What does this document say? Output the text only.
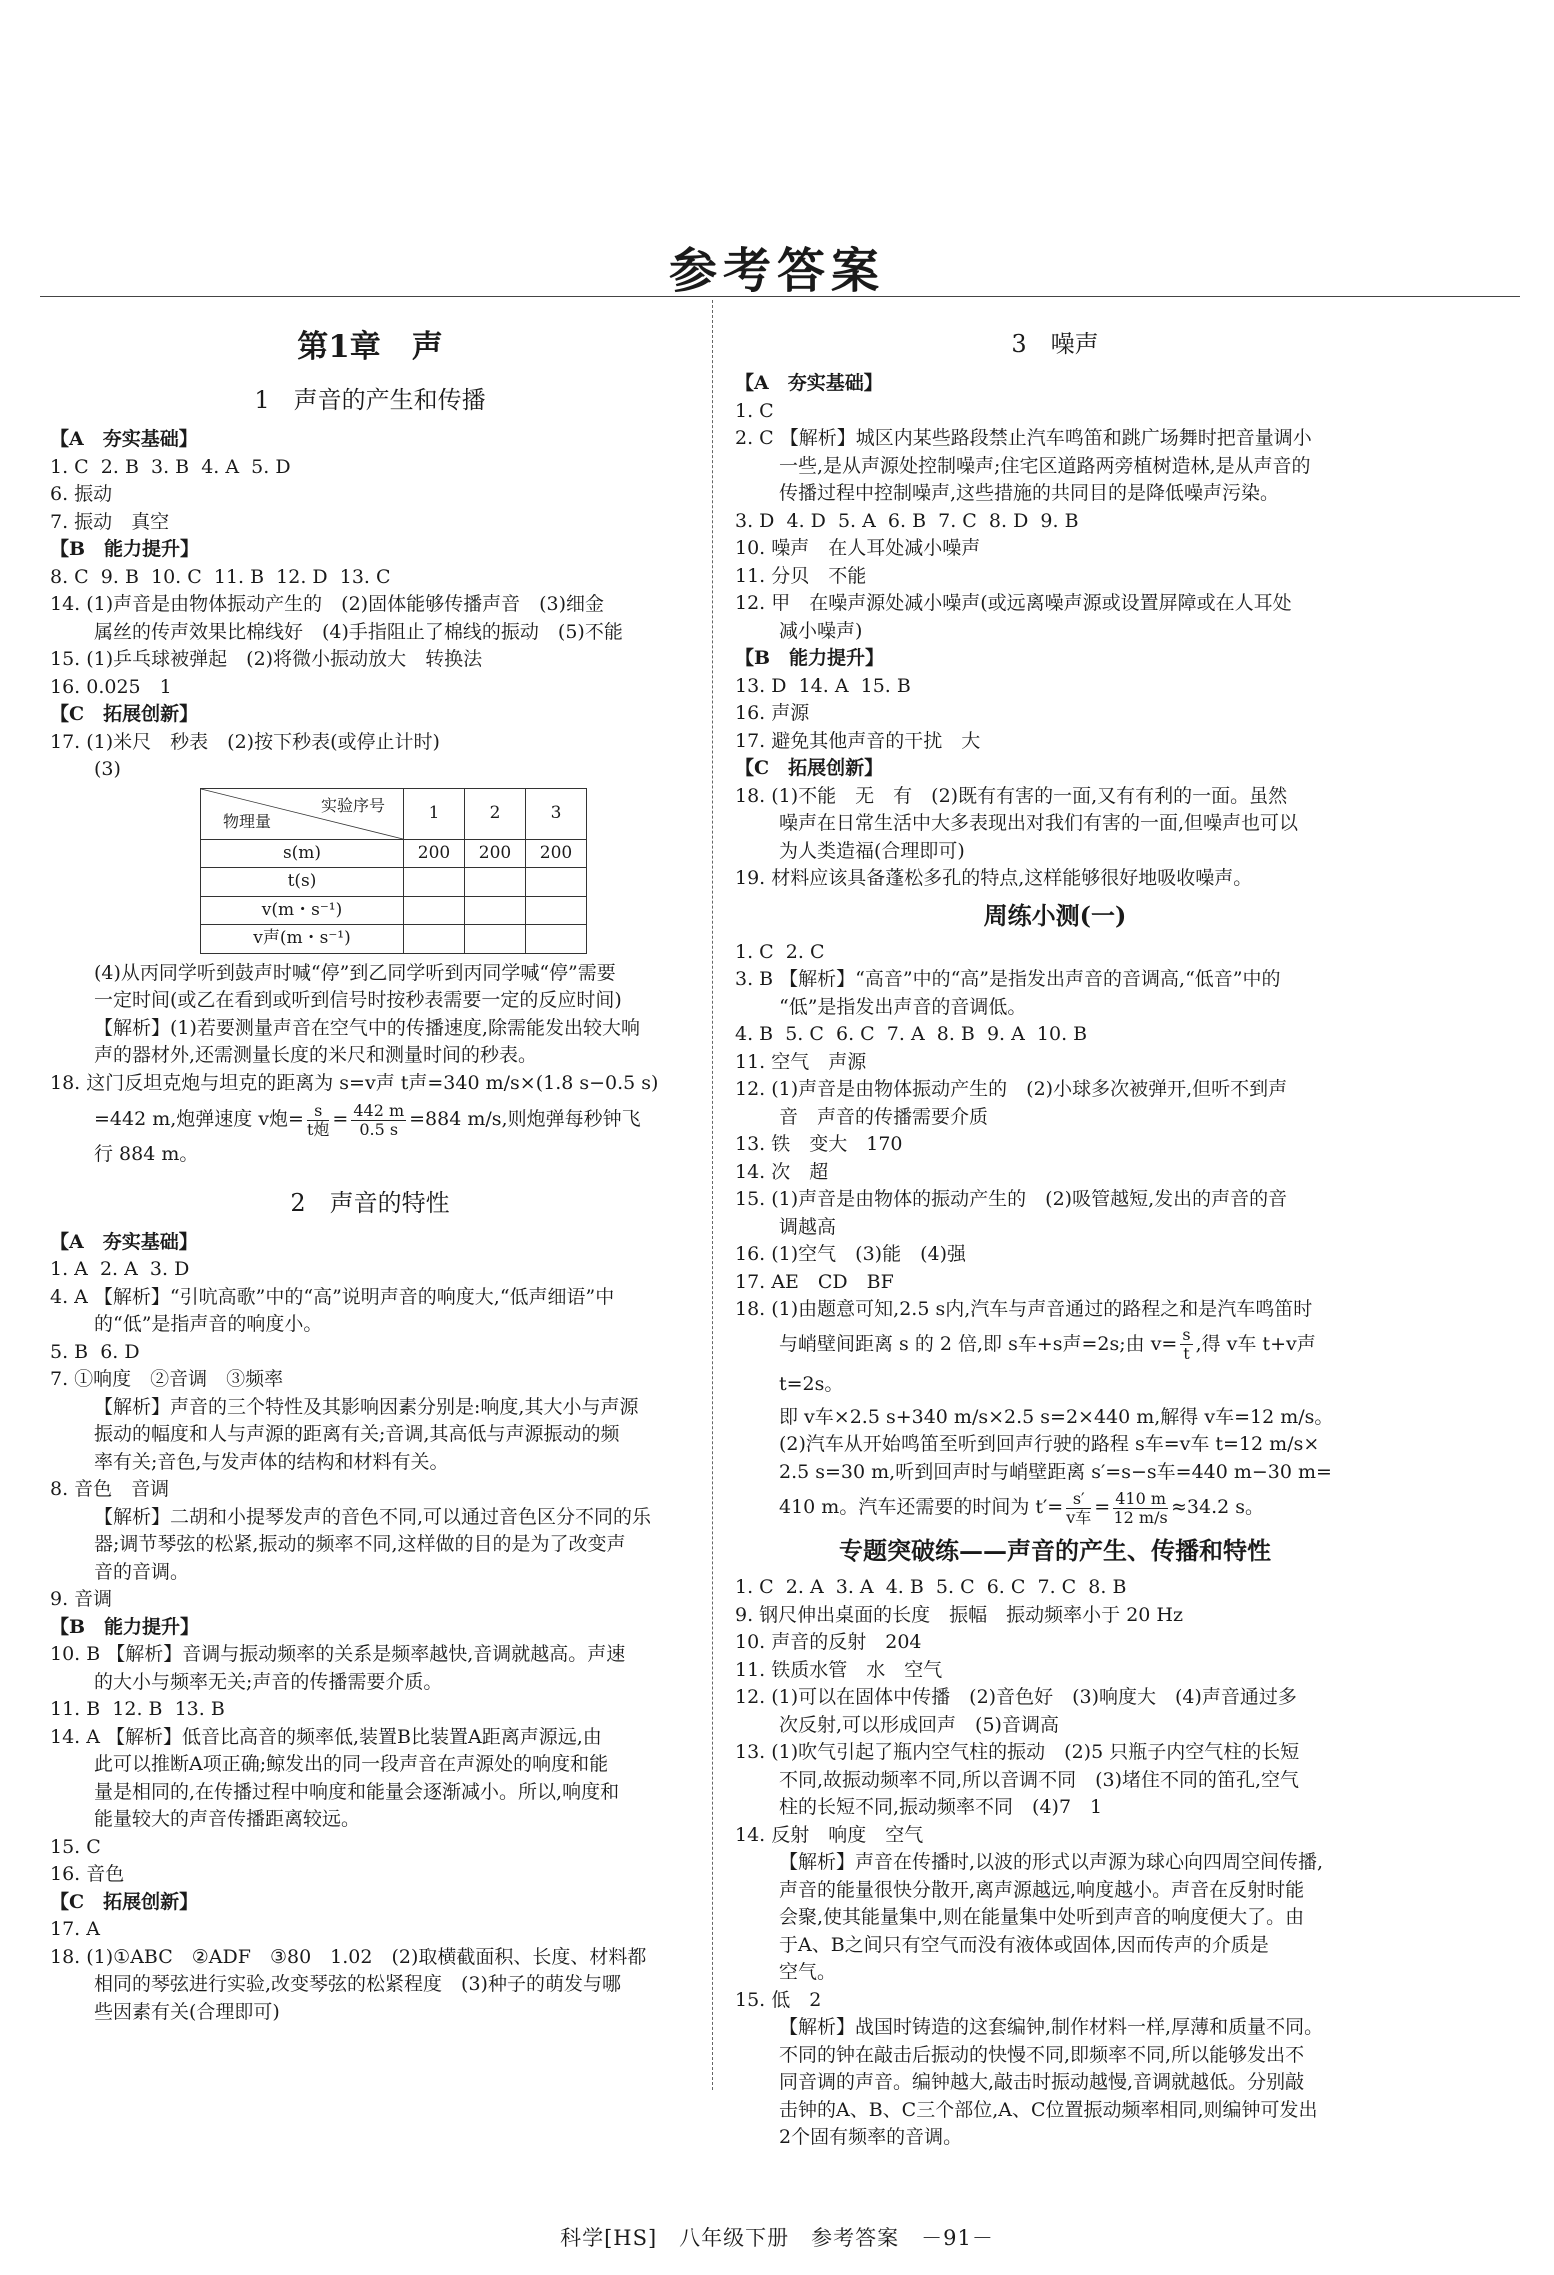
参考答案
第1章　声
1　声音的产生和传播
【A　夯实基础】
1. C  2. B  3. B  4. A  5. D
6. 振动
7. 振动　真空
【B　能力提升】
8. C  9. B  10. C  11. B  12. D  13. C
14. (1)声音是由物体振动产生的　(2)固体能够传播声音　(3)细金
属丝的传声效果比棉线好　(4)手指阻止了棉线的振动　(5)不能
15. (1)乒乓球被弹起　(2)将微小振动放大　转换法
16. 0.025　1
【C　拓展创新】
17. (1)米尺　秒表　(2)按下秒表(或停止计时)
(3)
实验序号
物理量	1	2	3
s(m)	200	200	200
t(s)			
v(m・s⁻¹)			
v声(m・s⁻¹)			
(4)从丙同学听到鼓声时喊“停”到乙同学听到丙同学喊“停”需要
一定时间(或乙在看到或听到信号时按秒表需要一定的反应时间)
【解析】(1)若要测量声音在空气中的传播速度,除需能发出较大响
声的器材外,还需测量长度的米尺和测量时间的秒表。
18. 这门反坦克炮与坦克的距离为 s=v声 t声=340 m/s×(1.8 s−0.5 s)
=442 m,炮弹速度 v炮= $\frac{s}{\text{t炮}} = \frac{442 m}{0.5 s} =884$ m/s,则炮弹每秒钟飞
行 884 m。
2　声音的特性
【A　夯实基础】
1. A  2. A  3. D
4. A 【解析】“引吭高歌”中的“高”说明声音的响度大,“低声细语”中
的“低”是指声音的响度小。
5. B  6. D
7. ①响度　②音调　③频率
【解析】声音的三个特性及其影响因素分别是:响度,其大小与声源
振动的幅度和人与声源的距离有关;音调,其高低与声源振动的频
率有关;音色,与发声体的结构和材料有关。
8. 音色　音调
【解析】二胡和小提琴发声的音色不同,可以通过音色区分不同的乐
器;调节琴弦的松紧,振动的频率不同,这样做的目的是为了改变声
音的音调。
9. 音调
【B　能力提升】
10. B 【解析】音调与振动频率的关系是频率越快,音调就越高。声速
的大小与频率无关;声音的传播需要介质。
11. B  12. B  13. B
14. A 【解析】低音比高音的频率低,装置B比装置A距离声源远,由
此可以推断A项正确;鲸发出的同一段声音在声源处的响度和能
量是相同的,在传播过程中响度和能量会逐渐减小。所以,响度和
能量较大的声音传播距离较远。
15. C
16. 音色
【C　拓展创新】
17. A
18. (1)①ABC　②ADF　③80　1.02　(2)取横截面积、长度、材料都
相同的琴弦进行实验,改变琴弦的松紧程度　(3)种子的萌发与哪
些因素有关(合理即可)
3　噪声
【A　夯实基础】
1. C
2. C 【解析】城区内某些路段禁止汽车鸣笛和跳广场舞时把音量调小
一些,是从声源处控制噪声;住宅区道路两旁植树造林,是从声音的
传播过程中控制噪声,这些措施的共同目的是降低噪声污染。
3. D  4. D  5. A  6. B  7. C  8. D  9. B
10. 噪声　在人耳处减小噪声
11. 分贝　不能
12. 甲　在噪声源处减小噪声(或远离噪声源或设置屏障或在人耳处
减小噪声)
【B　能力提升】
13. D  14. A  15. B
16. 声源
17. 避免其他声音的干扰　大
【C　拓展创新】
18. (1)不能　无　有　(2)既有有害的一面,又有有利的一面。虽然
噪声在日常生活中大多表现出对我们有害的一面,但噪声也可以
为人类造福(合理即可)
19. 材料应该具备蓬松多孔的特点,这样能够很好地吸收噪声。
周练小测(一)
1. C  2. C
3. B 【解析】“高音”中的“高”是指发出声音的音调高,“低音”中的
“低”是指发出声音的音调低。
4. B  5. C  6. C  7. A  8. B  9. A  10. B
11. 空气　声源
12. (1)声音是由物体振动产生的　(2)小球多次被弹开,但听不到声
音　声音的传播需要介质
13. 铁　变大　170
14. 次　超
15. (1)声音是由物体的振动产生的　(2)吸管越短,发出的声音的音
调越高
16. (1)空气　(3)能　(4)强
17. AE　CD　BF
18. (1)由题意可知,2.5 s内,汽车与声音通过的路程之和是汽车鸣笛时
与峭壁间距离 s 的 2 倍,即 s车+s声=2s;由 $v= \frac{s}{t}$ ,得 v车 t+v声 t=2s。
即 v车×2.5 s+340 m/s×2.5 s=2×440 m,解得 v车=12 m/s。
(2)汽车从开始鸣笛至听到回声行驶的路程 s车=v车 t=12 m/s×
2.5 s=30 m,听到回声时与峭壁距离 s′=s−s车=440 m−30 m=
410 m。汽车还需要的时间为 $t'= \frac{s'}{\text{v车}} = \frac{410 m}{12 m/s} \approx 34.2$ s。
专题突破练——声音的产生、传播和特性
1. C  2. A  3. A  4. B  5. C  6. C  7. C  8. B
9. 钢尺伸出桌面的长度　振幅　振动频率小于 20 Hz
10. 声音的反射　204
11. 铁质水管　水　空气
12. (1)可以在固体中传播　(2)音色好　(3)响度大　(4)声音通过多
次反射,可以形成回声　(5)音调高
13. (1)吹气引起了瓶内空气柱的振动　(2)5 只瓶子内空气柱的长短
不同,故振动频率不同,所以音调不同　(3)堵住不同的笛孔,空气
柱的长短不同,振动频率不同　(4)7　1
14. 反射　响度　空气
【解析】声音在传播时,以波的形式以声源为球心向四周空间传播,
声音的能量很快分散开,离声源越远,响度越小。声音在反射时能
会聚,使其能量集中,则在能量集中处听到声音的响度便大了。由
于A、B之间只有空气而没有液体或固体,因而传声的介质是
空气。
15. 低　2
【解析】战国时铸造的这套编钟,制作材料一样,厚薄和质量不同。
不同的钟在敲击后振动的快慢不同,即频率不同,所以能够发出不
同音调的声音。编钟越大,敲击时振动越慢,音调就越低。分别敲
击钟的A、B、C三个部位,A、C位置振动频率相同,则编钟可发出
2个固有频率的音调。
科学[HS]　八年级下册　参考答案　－91－
